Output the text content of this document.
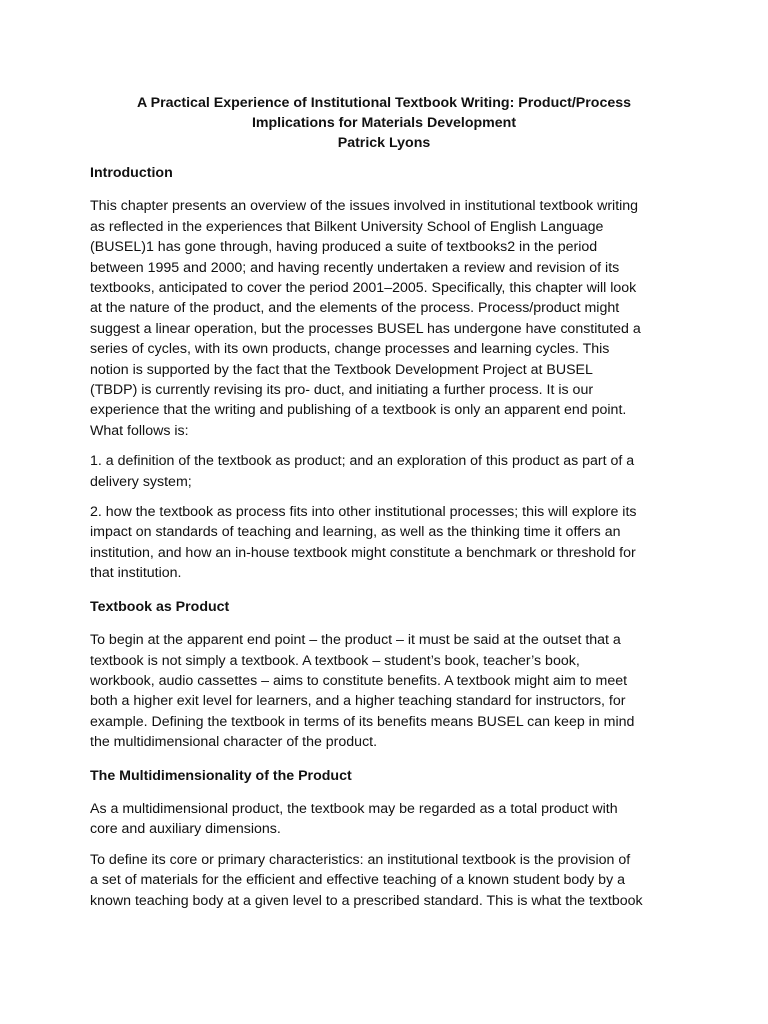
A Practical Experience of Institutional Textbook Writing: Product/Process
Implications for Materials Development
Patrick Lyons
Introduction
This chapter presents an overview of the issues involved in institutional textbook writing
as reflected in the experiences that Bilkent University School of English Language
(BUSEL)1 has gone through, having produced a suite of textbooks2 in the period
between 1995 and 2000; and having recently undertaken a review and revision of its
textbooks, anticipated to cover the period 2001–2005. Specifically, this chapter will look
at the nature of the product, and the elements of the process. Process/product might
suggest a linear operation, but the processes BUSEL has undergone have constituted a
series of cycles, with its own products, change processes and learning cycles. This
notion is supported by the fact that the Textbook Development Project at BUSEL
(TBDP) is currently revising its pro- duct, and initiating a further process. It is our
experience that the writing and publishing of a textbook is only an apparent end point.
What follows is:
1. a definition of the textbook as product; and an exploration of this product as part of a
delivery system;
2. how the textbook as process fits into other institutional processes; this will explore its
impact on standards of teaching and learning, as well as the thinking time it offers an
institution, and how an in-house textbook might constitute a benchmark or threshold for
that institution.
Textbook as Product
To begin at the apparent end point – the product – it must be said at the outset that a
textbook is not simply a textbook. A textbook – student’s book, teacher’s book,
workbook, audio cassettes – aims to constitute benefits. A textbook might aim to meet
both a higher exit level for learners, and a higher teaching standard for instructors, for
example. Defining the textbook in terms of its benefits means BUSEL can keep in mind
the multidimensional character of the product.
The Multidimensionality of the Product
As a multidimensional product, the textbook may be regarded as a total product with
core and auxiliary dimensions.
To define its core or primary characteristics: an institutional textbook is the provision of
a set of materials for the efficient and effective teaching of a known student body by a
known teaching body at a given level to a prescribed standard. This is what the textbook
